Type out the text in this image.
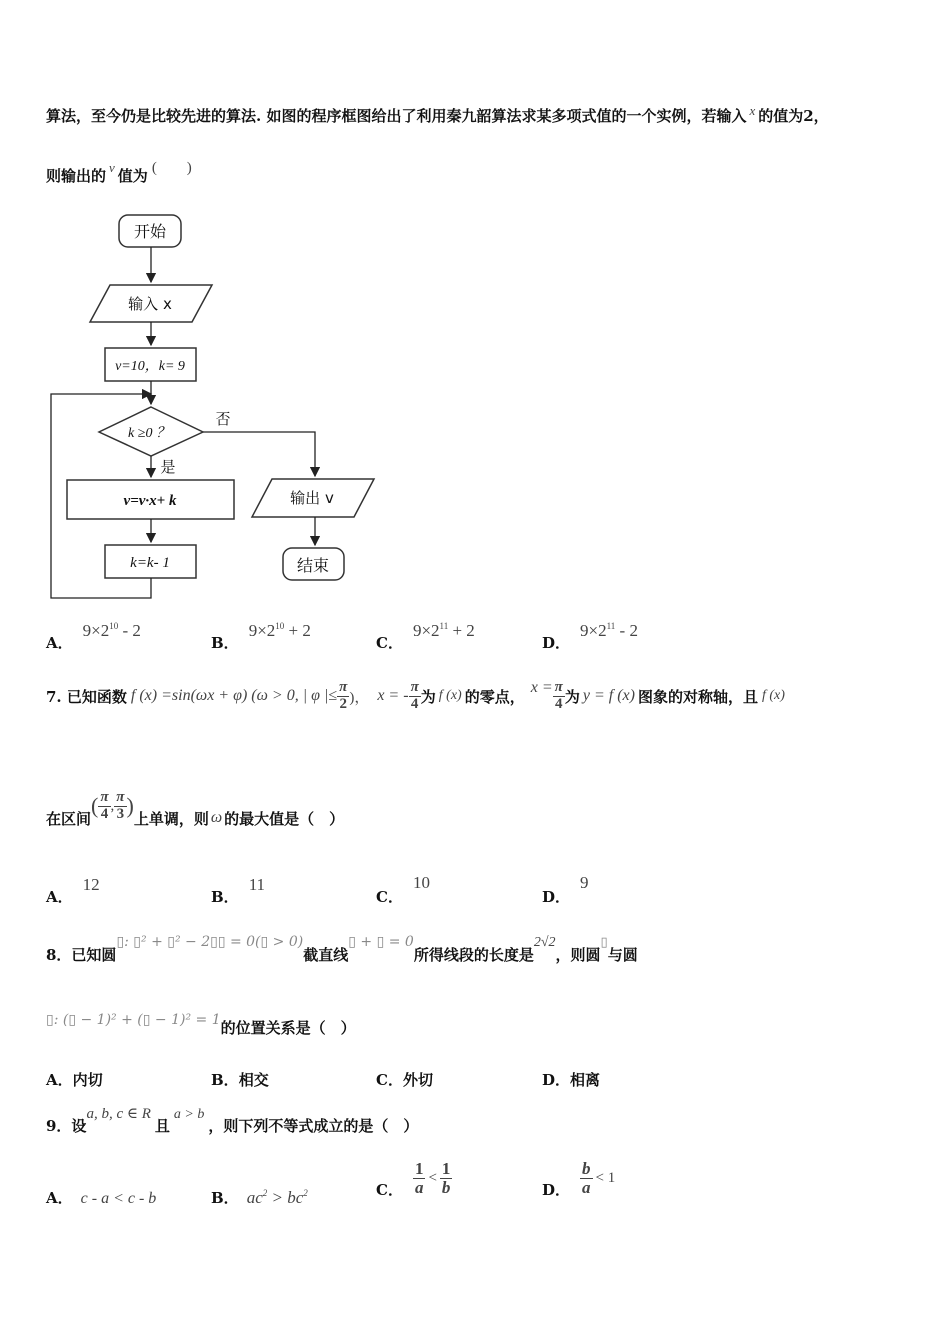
算法，至今仍是比较先进的算法. 如图的程序框图给出了利用秦九韶算法求某多项式值的一个实例，若输入 x 的值为2，
则输出的 v 值为 (　　)
开始
输入 x
v=10，k= 9
k ≥0 ？
否
是
v=v·x+ k
k=k- 1
输出 v
结束
A．$9\times 2^{10} - 2$
B．$9\times 2^{10} + 2$
C．$9\times 2^{11} + 2$
D．$9\times 2^{11} - 2$
7. 已知函数 f (x) =sin(ωx + φ) (ω > 0, | φ |≤ $\frac{\pi}{2}$ )， x = - $\frac{\pi}{4}$ 为 f (x) 的零点， $x = \frac{\pi}{4}$ 为 y = f (x) 图象的对称轴，且 f (x)
在区间
( $\frac{\pi}{4}$ , $\frac{\pi}{3}$ )
上单调，则 ω 的最大值是（　）
A．12
B．11
C．10
D．9
8．已知圆▯: ▯² + ▯² − 2▯▯ = 0(▯ > 0)截直线▯ + ▯ = 0所得线段的长度是2√2，则圆▯与圆
▯: (▯ − 1)² + (▯ − 1)² = 1的位置关系是（　）
A．内切	B．相交	C．外切	D．相离
9．设a, b, c ∈ R且a > b，则下列不等式成立的是（　）
A． c - a < c - b	B． $ac^2 > bc^2$	C． $\frac{1}{a} < \frac{1}{b}$	D． $\frac{b}{a} < 1$
